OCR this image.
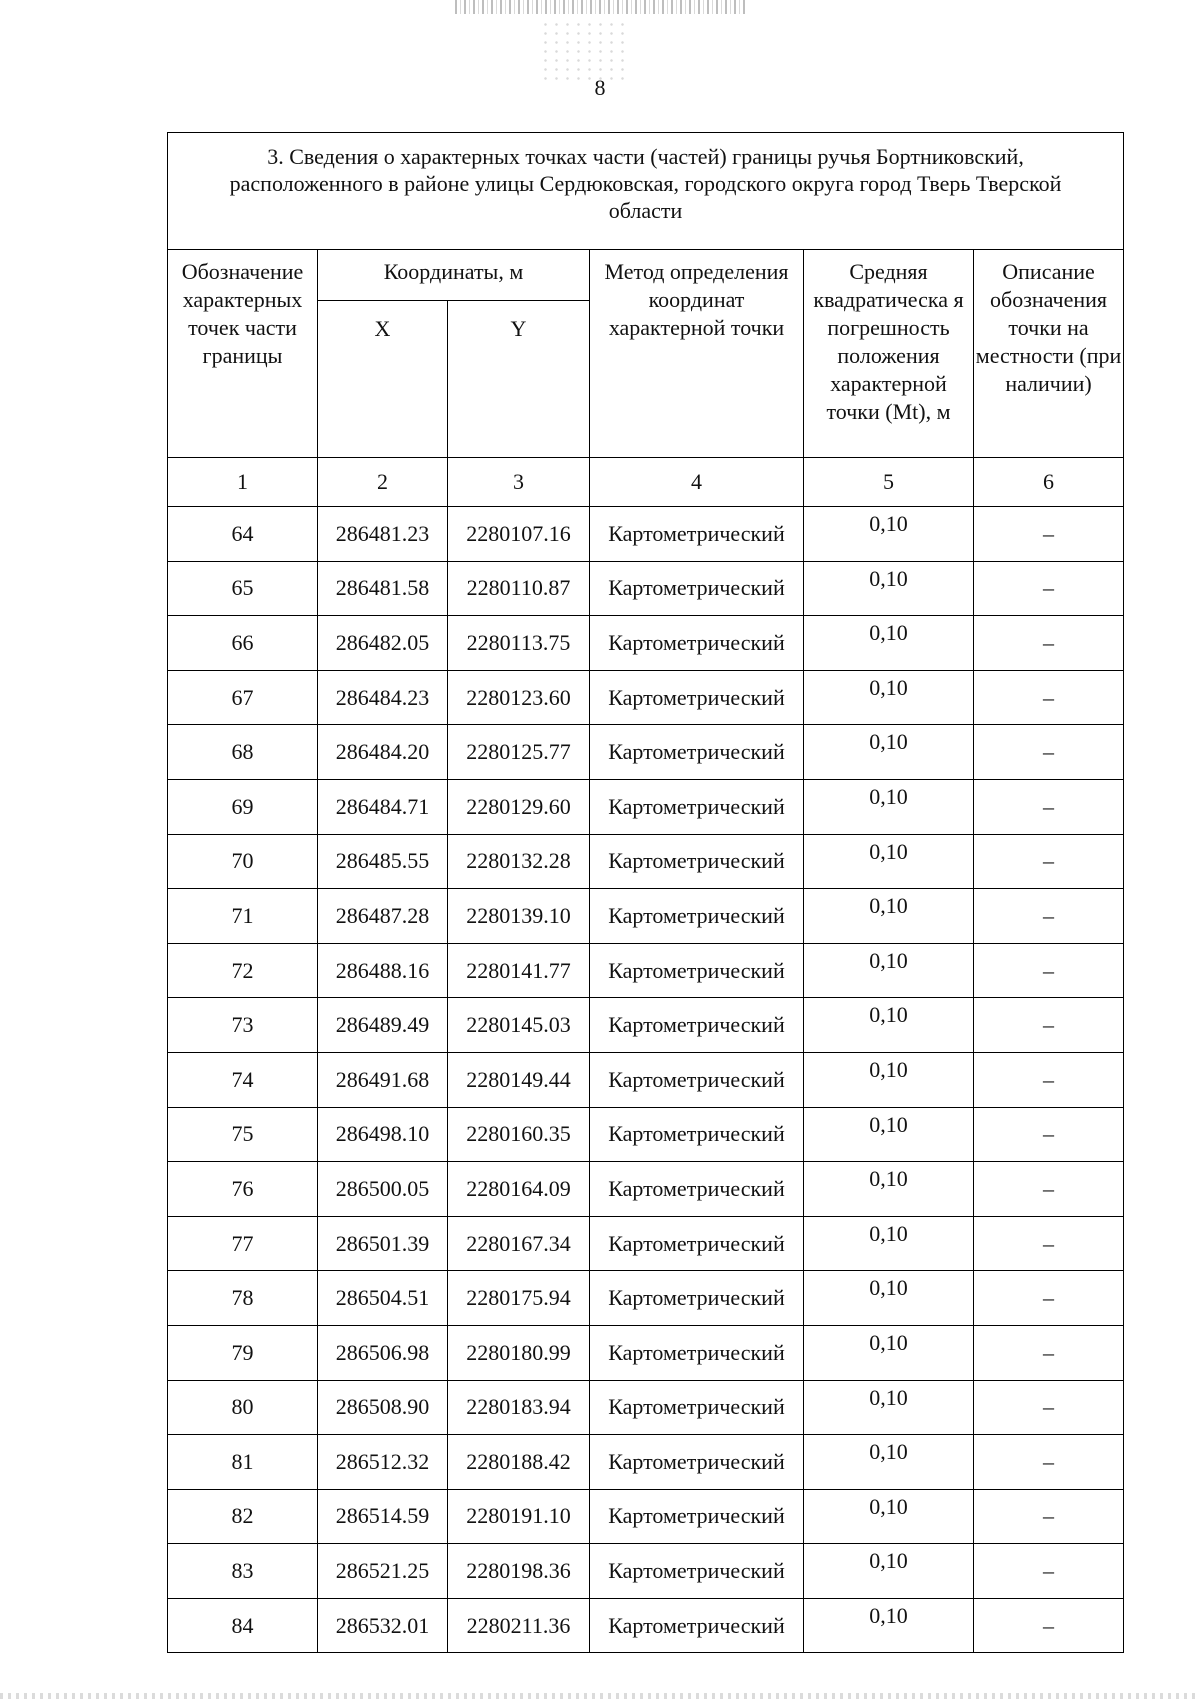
8
3. Сведения о характерных точках части (частей) границы ручья Бортниковский, расположенного в районе улицы Сердюковская, городского округа город Тверь Тверской области					
Обозначение характерных точек части границы	Координаты, м		Метод определения координат характерной точки	Средняя квадратическа я погрешность положения характерной точки (Mt), м	Описание обозначения точки на местности (при наличии)
	X	Y			
1	2	3	4	5	6
64	286481.23	2280107.16	Картометрический	0,10	–
65	286481.58	2280110.87	Картометрический	0,10	–
66	286482.05	2280113.75	Картометрический	0,10	–
67	286484.23	2280123.60	Картометрический	0,10	–
68	286484.20	2280125.77	Картометрический	0,10	–
69	286484.71	2280129.60	Картометрический	0,10	–
70	286485.55	2280132.28	Картометрический	0,10	–
71	286487.28	2280139.10	Картометрический	0,10	–
72	286488.16	2280141.77	Картометрический	0,10	–
73	286489.49	2280145.03	Картометрический	0,10	–
74	286491.68	2280149.44	Картометрический	0,10	–
75	286498.10	2280160.35	Картометрический	0,10	–
76	286500.05	2280164.09	Картометрический	0,10	–
77	286501.39	2280167.34	Картометрический	0,10	–
78	286504.51	2280175.94	Картометрический	0,10	–
79	286506.98	2280180.99	Картометрический	0,10	–
80	286508.90	2280183.94	Картометрический	0,10	–
81	286512.32	2280188.42	Картометрический	0,10	–
82	286514.59	2280191.10	Картометрический	0,10	–
83	286521.25	2280198.36	Картометрический	0,10	–
84	286532.01	2280211.36	Картометрический	0,10	–
